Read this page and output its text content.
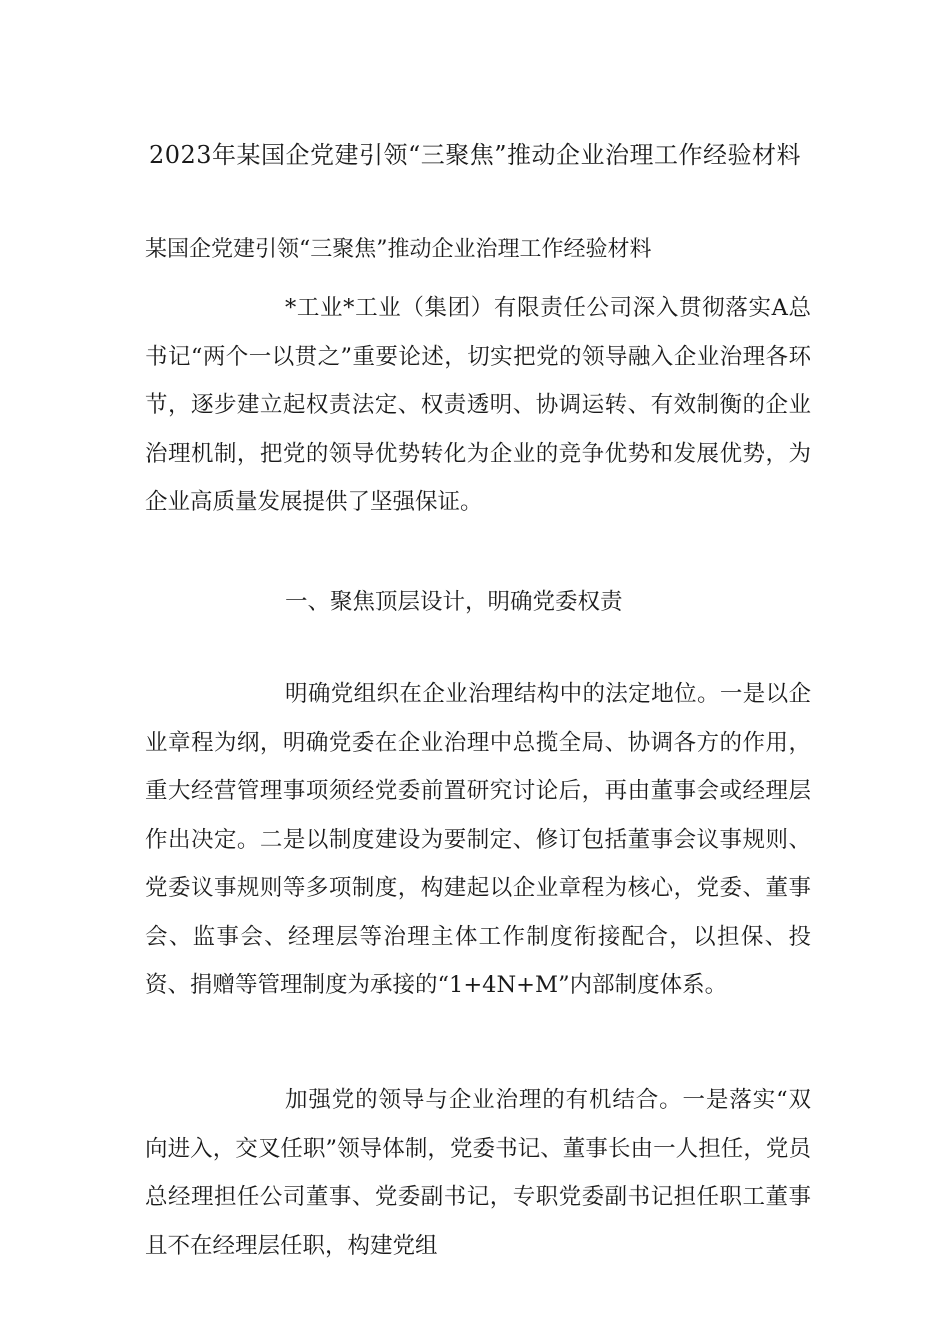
2023年某国企党建引领“三聚焦”推动企业治理工作经验材料
某国企党建引领“三聚焦”推动企业治理工作经验材料

*工业*工业（集团）有限责任公司深入贯彻落实A总书记“两个一以贯之”重要论述，切实把党的领导融入企业治理各环节，逐步建立起权责法定、权责透明、协调运转、有效制衡的企业治理机制，把党的领导优势转化为企业的竞争优势和发展优势，为企业高质量发展提供了坚强保证。

一、聚焦顶层设计，明确党委权责

明确党组织在企业治理结构中的法定地位。一是以企业章程为纲，明确党委在企业治理中总揽全局、协调各方的作用，重大经营管理事项须经党委前置研究讨论后，再由董事会或经理层作出决定。二是以制度建设为要制定、修订包括董事会议事规则、党委议事规则等多项制度，构建起以企业章程为核心，党委、董事会、监事会、经理层等治理主体工作制度衔接配合，以担保、投资、捐赠等管理制度为承接的“1+4N+M”内部制度体系。

加强党的领导与企业治理的有机结合。一是落实“双向进入，交叉任职”领导体制，党委书记、董事长由一人担任，党员总经理担任公司董事、党委副书记，专职党委副书记担任职工董事且不在经理层任职，构建党组
